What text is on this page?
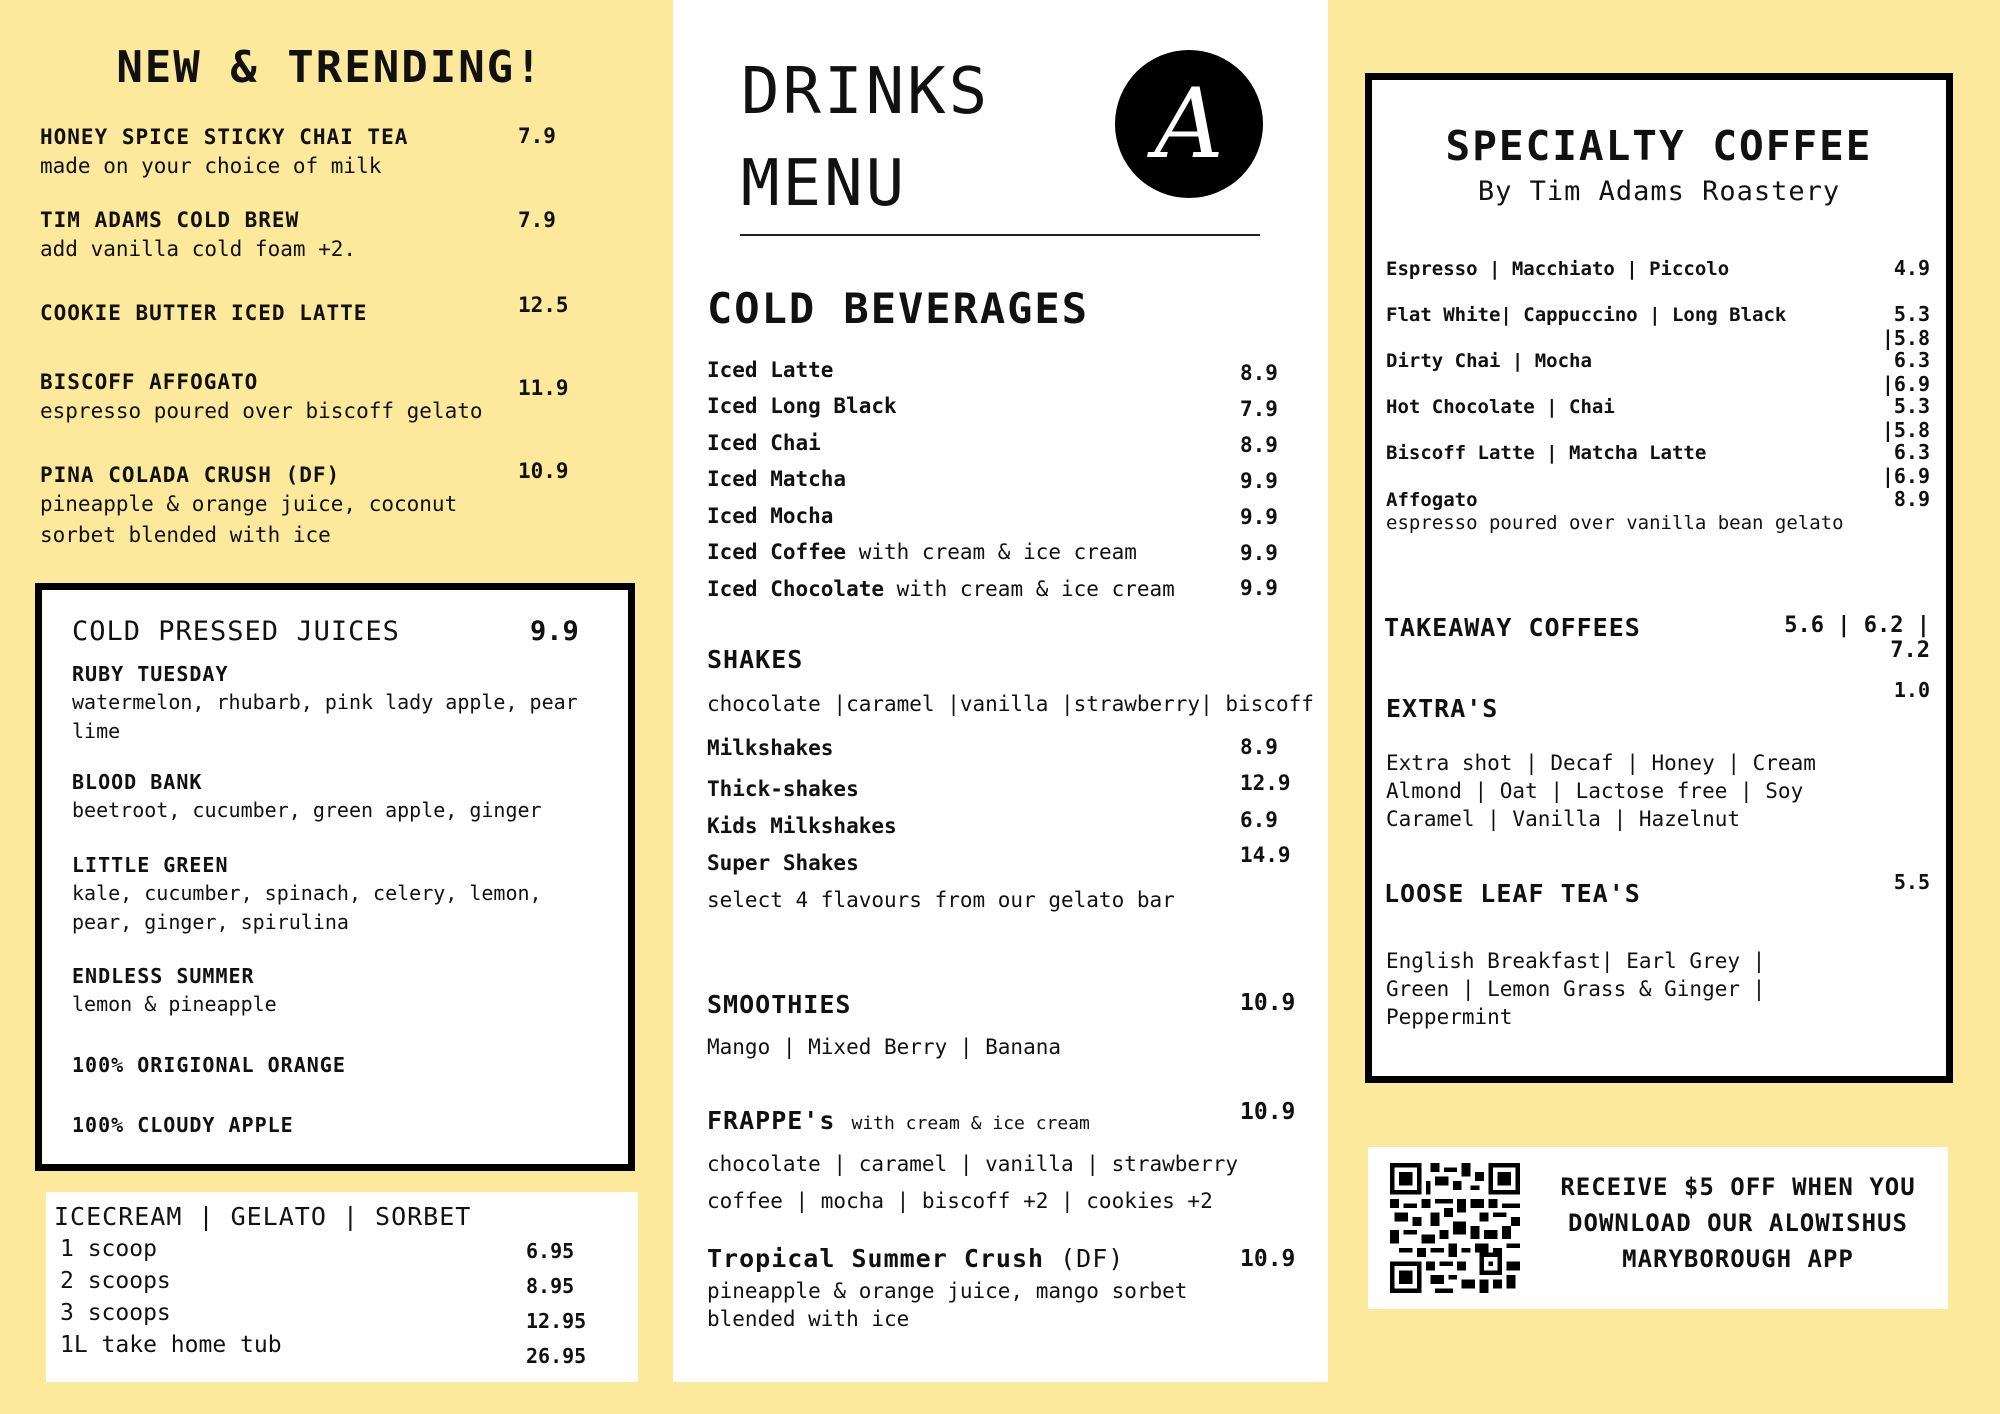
NEW & TRENDING!
HONEY SPICE STICKY CHAI TEA
made on your choice of milk
7.9
TIM ADAMS COLD BREW
add vanilla cold foam +2.
7.9
COOKIE BUTTER ICED LATTE	12.5
BISCOFF AFFOGATO
espresso poured over biscoff gelato
11.9
PINA COLADA CRUSH (DF)
pineapple & orange juice, coconut sorbet blended with ice
10.9
COLD PRESSED JUICES	9.9
RUBY TUESDAY
watermelon, rhubarb, pink lady apple, pear lime
BLOOD BANK
beetroot, cucumber, green apple, ginger
LITTLE GREEN
kale, cucumber, spinach, celery, lemon, pear, ginger, spirulina
ENDLESS SUMMER
lemon & pineapple
100% ORIGIONAL ORANGE
100% CLOUDY APPLE
ICECREAM | GELATO | SORBET
1 scoop	6.95
2 scoops	8.95
3 scoops	12.95
1L take home tub	26.95
DRINKS
MENU
A
COLD BEVERAGES
Iced Latte	8.9
Iced Long Black	7.9
Iced Chai	8.9
Iced Matcha	9.9
Iced Mocha	9.9
Iced Coffee with cream & ice cream	9.9
Iced Chocolate with cream & ice cream	9.9
SHAKES
chocolate |caramel |vanilla |strawberry| biscoff
Milkshakes	8.9
Thick-shakes	12.9
Kids Milkshakes	6.9
Super Shakes	14.9
select 4 flavours from our gelato bar
SMOOTHIES	10.9
Mango | Mixed Berry | Banana
FRAPPE's with cream & ice cream	10.9
chocolate | caramel | vanilla | strawberry
coffee | mocha | biscoff +2 | cookies +2
Tropical Summer Crush (DF)	10.9
pineapple & orange juice, mango sorbet
blended with ice
SPECIALTY COFFEE
By Tim Adams Roastery
Espresso | Macchiato | Piccolo	4.9
Flat White| Cappuccino | Long Black	5.3 |5.8
Dirty Chai | Mocha	6.3 |6.9
Hot Chocolate | Chai	5.3 |5.8
Biscoff Latte | Matcha Latte	6.3 |6.9
Affogato	8.9
espresso poured over vanilla bean gelato
TAKEAWAY COFFEES	5.6 | 6.2 | 7.2
EXTRA'S
1.0
Extra shot | Decaf | Honey | Cream
Almond | Oat | Lactose free | Soy
Caramel | Vanilla | Hazelnut
LOOSE LEAF TEA'S	5.5
English Breakfast| Earl Grey |
Green | Lemon Grass & Ginger |
Peppermint
RECEIVE $5 OFF WHEN YOU
DOWNLOAD OUR ALOWISHUS
MARYBOROUGH APP
